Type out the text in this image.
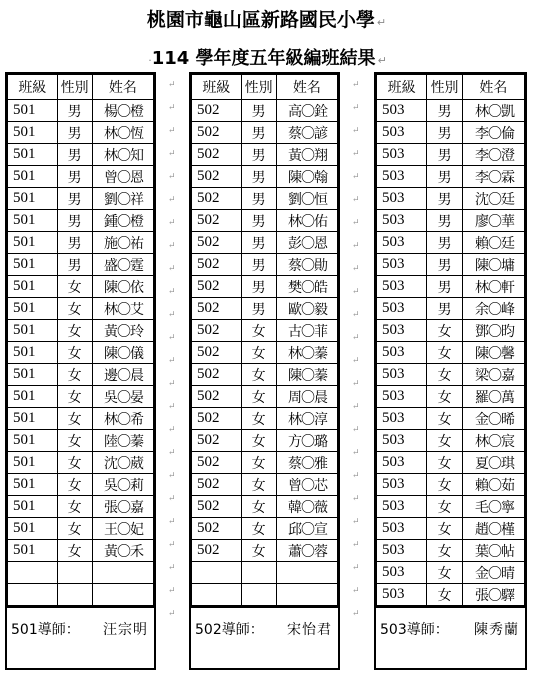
桃園市龜山區新路國民小學 ↵
·114 學年度五年級編班結果 ↵
班級	性別	姓名
501	男	楊〇橙
501	男	林〇恆
501	男	林〇知
501	男	曾〇恩
501	男	劉〇祥
501	男	鍾〇橙
501	男	施〇祐
501	男	盛〇霆
501	女	陳〇依
501	女	林〇艾
501	女	黃〇玲
501	女	陳〇儀
501	女	邊〇晨
501	女	吳〇晏
501	女	林〇希
501	女	陸〇蓁
501	女	沈〇葳
501	女	吳〇莉
501	女	張〇嘉
501	女	王〇妃
501	女	黃〇禾

501導師： 汪宗明
↵
↵
↵
↵
↵
↵
↵
↵
↵
↵
↵
↵
↵
↵
↵
↵
↵
↵
↵
↵
↵
↵
↵
↵
班級	性別	姓名
502	男	高〇銓
502	男	蔡〇諺
502	男	黃〇翔
502	男	陳〇翰
502	男	劉〇恒
502	男	林〇佑
502	男	彭〇恩
502	男	蔡〇勛
502	男	樊〇皓
502	男	歐〇毅
502	女	古〇菲
502	女	林〇蓁
502	女	陳〇蓁
502	女	周〇晨
502	女	林〇淳
502	女	方〇璐
502	女	蔡〇雅
502	女	曾〇芯
502	女	韓〇薇
502	女	邱〇宣
502	女	蕭〇蓉

502導師： 宋怡君
↵
↵
↵
↵
↵
↵
↵
↵
↵
↵
↵
↵
↵
↵
↵
↵
↵
↵
↵
↵
↵
↵
↵
↵
班級	性別	姓名
503	男	林〇凱
503	男	李〇倫
503	男	李〇澄
503	男	李〇霖
503	男	沈〇廷
503	男	廖〇華
503	男	賴〇廷
503	男	陳〇墉
503	男	林〇軒
503	男	余〇峰
503	女	鄧〇昀
503	女	陳〇馨
503	女	梁〇嘉
503	女	羅〇萬
503	女	金〇晞
503	女	林〇宸
503	女	夏〇琪
503	女	賴〇茹
503	女	毛〇寧
503	女	趙〇槿
503	女	葉〇帖
503	女	金〇晴
503	女	張〇驛
503導師： 陳秀蘭
